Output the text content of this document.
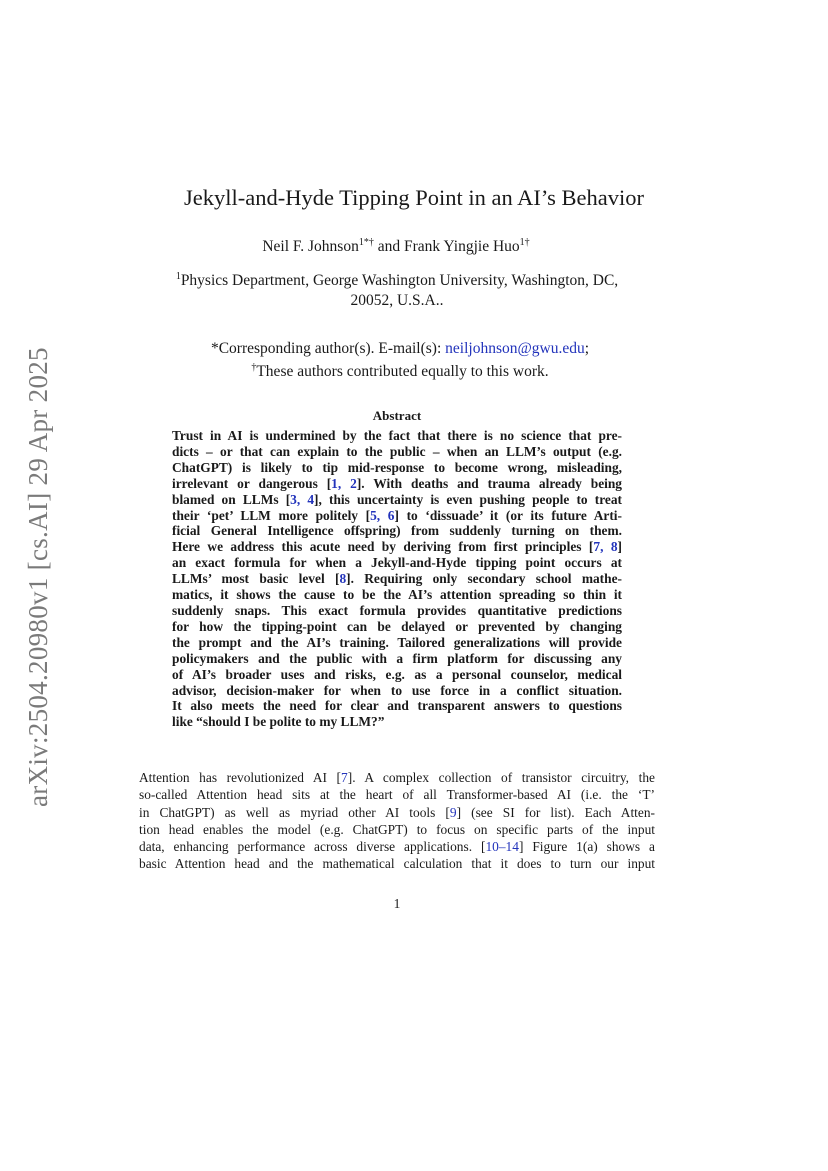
arXiv:2504.20980v1 [cs.AI] 29 Apr 2025
Jekyll-and-Hyde Tipping Point in an AI’s Behavior
Neil F. Johnson$^{1*\dagger}$ and Frank Yingjie Huo$^{1\dagger}$
$^1$Physics Department, George Washington University, Washington, DC,
20052, U.S.A..
*Corresponding author(s). E-mail(s): neiljohnson@gwu.edu;
†These authors contributed equally to this work.
Abstract
Trust in AI is undermined by the fact that there is no science that pre-
dicts – or that can explain to the public – when an LLM’s output (e.g.
ChatGPT) is likely to tip mid-response to become wrong, misleading,
irrelevant or dangerous [1, 2]. With deaths and trauma already being
blamed on LLMs [3, 4], this uncertainty is even pushing people to treat
their ‘pet’ LLM more politely [5, 6] to ‘dissuade’ it (or its future Arti-
ficial General Intelligence offspring) from suddenly turning on them.
Here we address this acute need by deriving from first principles [7, 8]
an exact formula for when a Jekyll-and-Hyde tipping point occurs at
LLMs’ most basic level [8]. Requiring only secondary school mathe-
matics, it shows the cause to be the AI’s attention spreading so thin it
suddenly snaps. This exact formula provides quantitative predictions
for how the tipping-point can be delayed or prevented by changing
the prompt and the AI’s training. Tailored generalizations will provide
policymakers and the public with a firm platform for discussing any
of AI’s broader uses and risks, e.g. as a personal counselor, medical
advisor, decision-maker for when to use force in a conflict situation.
It also meets the need for clear and transparent answers to questions
like “should I be polite to my LLM?”
Attention has revolutionized AI [7]. A complex collection of transistor circuitry, the
so-called Attention head sits at the heart of all Transformer-based AI (i.e. the ‘T’
in ChatGPT) as well as myriad other AI tools [9] (see SI for list). Each Atten-
tion head enables the model (e.g. ChatGPT) to focus on specific parts of the input
data, enhancing performance across diverse applications. [10–14] Figure 1(a) shows a
basic Attention head and the mathematical calculation that it does to turn our input
1
